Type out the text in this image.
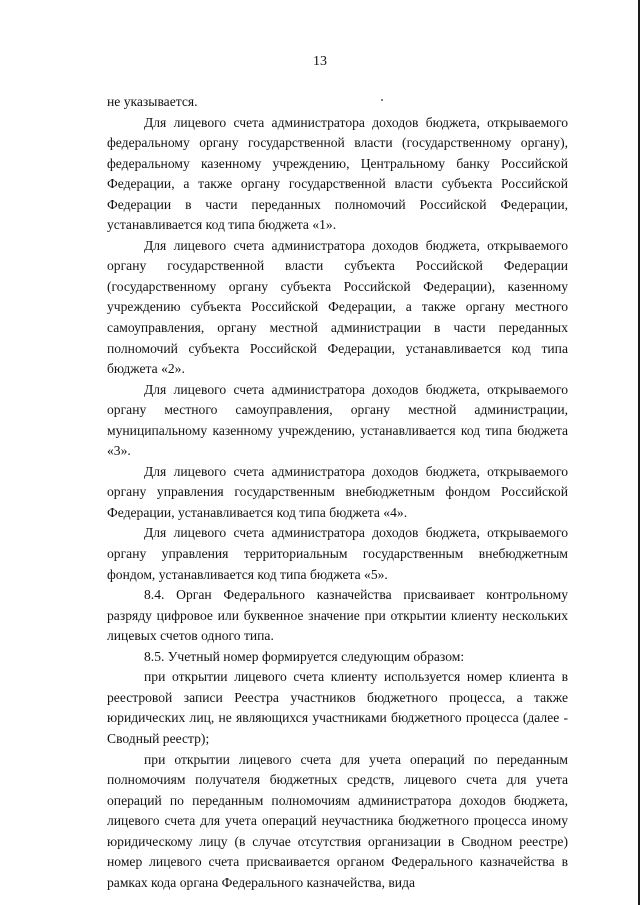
13

не указывается.

Для лицевого счета администратора доходов бюджета, открываемого федеральному органу государственной власти (государственному органу), федеральному казенному учреждению, Центральному банку Российской Федерации, а также органу государственной власти субъекта Российской Федерации в части переданных полномочий Российской Федерации, устанавливается код типа бюджета «1».

Для лицевого счета администратора доходов бюджета, открываемого органу государственной власти субъекта Российской Федерации (государственному органу субъекта Российской Федерации), казенному учреждению субъекта Российской Федерации, а также органу местного самоуправления, органу местной администрации в части переданных полномочий субъекта Российской Федерации, устанавливается код типа бюджета «2».

Для лицевого счета администратора доходов бюджета, открываемого органу местного самоуправления, органу местной администрации, муниципальному казенному учреждению, устанавливается код типа бюджета «3».

Для лицевого счета администратора доходов бюджета, открываемого органу управления государственным внебюджетным фондом Российской Федерации, устанавливается код типа бюджета «4».

Для лицевого счета администратора доходов бюджета, открываемого органу управления территориальным государственным внебюджетным фондом, устанавливается код типа бюджета «5».

8.4. Орган Федерального казначейства присваивает контрольному разряду цифровое или буквенное значение при открытии клиенту нескольких лицевых счетов одного типа.

8.5. Учетный номер формируется следующим образом:

при открытии лицевого счета клиенту используется номер клиента в реестровой записи Реестра участников бюджетного процесса, а также юридических лиц, не являющихся участниками бюджетного процесса (далее - Сводный реестр);

при открытии лицевого счета для учета операций по переданным полномочиям получателя бюджетных средств, лицевого счета для учета операций по переданным полномочиям администратора доходов бюджета, лицевого счета для учета операций неучастника бюджетного процесса иному юридическому лицу (в случае отсутствия организации в Сводном реестре) номер лицевого счета присваивается органом Федерального казначейства в рамках кода органа Федерального казначейства, вида
